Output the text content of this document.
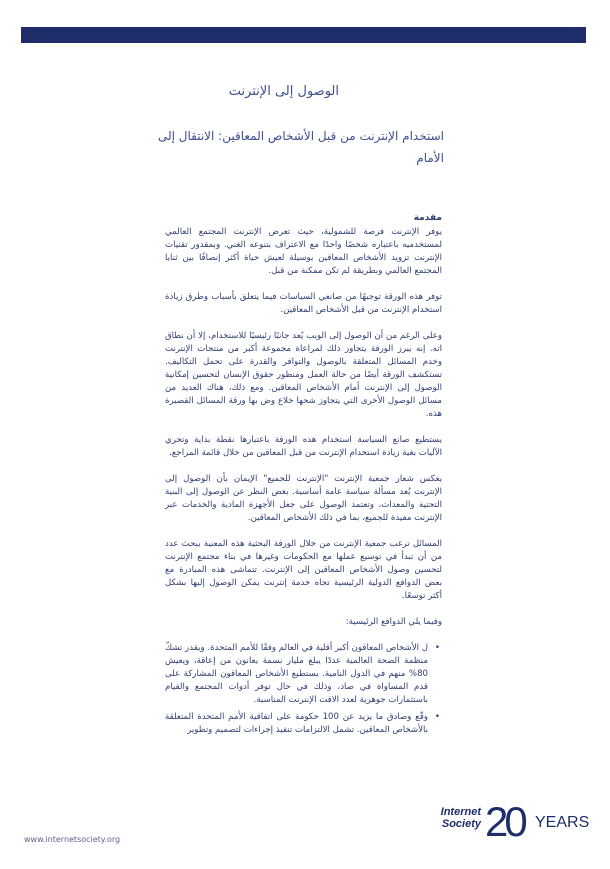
الوصول إلى الإنترنت
استخدام الإنترنت من قبل الأشخاص المعاقين: الانتقال إلى الأمام
مقدمة

يوفر الإنترنت فرصة للشمولية، حيث تعرض الإنترنت المجتمع العالمي لمستخدميه باعتباره شخصًا واحدًا مع الاعتراف بتنوعه الغني. وبمقدور تقنيات الإنترنت تزويد الأشخاص المعاقين بوسيلة لعيش حياة أكثر إنصافًا بين ثنايا المجتمع العالمي وبطريقة لم تكن ممكنة من قبل.

توفر هذه الورقة توجيهًا من صانعي السياسات فيما يتعلق بأسباب وطرق زيادة استخدام الإنترنت من قبل الأشخاص المعاقين.

وعلى الرغم من أن الوصول إلى الويب يُعد جانبًا رئيسيًا للاستخدام، إلا أن نطاق اته. إنه يبرز الورقة يتجاوز ذلك لمراعاة مجموعة أكبر من منتجات الإنترنت وخدم المسائل المتعلقة بالوصول والتوافر والقدرة على تحمل التكاليف. تستكشف الورقة أيضًا من حالة العمل ومنظور حقوق الإنسان لتحسين إمكانية الوصول إلى الإنترنت أمام الأشخاص المعاقين. ومع ذلك، هناك العديد من مسائل الوصول الأخرى التي يتجاوز شحها خلاع وض بها ورقة المسائل القصيرة هذه.

يستطيع صانع السياسة استخدام هذه الورقة باعتبارها نقطة بداية وتحري الآليات بغية زيادة استخدام الإنترنت من قبل المعاقين من خلال قائمة المراجع.

يعكس شعار جمعية الإنترنت "الإنترنت للجميع" الإيمان بأن الوصول إلى الإنترنت يُعد مسألة سياسة عامة أساسية. بغض النظر عن الوصول إلى البنية التحتية والمعدات، وتعتمد الوصول على جعل الأجهزة المادية والخدمات عبر الإنترنت مفيدة للجميع، بما في ذلك الأشخاص المعاقين.

المسائل ترغب جمعية الإنترنت من خلال الورقة البحثية هذه المعنية ببحث عدد من أن تبدأ في توسيع عملها مع الحكومات وغيرها في بناء مجتمع الإنترنت لتحسين وصول الأشخاص المعاقين إلى الإنترنت. تتماشى هذه المبادرة مع بعض الدوافع الدولية الرئيسية تجاه خدمة إنترنت يمكن الوصول إليها بشكل أكثر توسعًا.

وفيما يلي الدوافع الرئيسية:

•
ل الأشخاص المعاقون أكبر أقلية في العالم وفقًا للأمم المتحدة. ويقدر تشكّ منظمة الصحة العالمية عددًا يبلغ مليار نسمة يعانون من إعاقة، ويعيش 80% منهم في الدول النامية. يستطيع الأشخاص المعاقون المشاركة على قدم المساواة في صاد، وذلك في حال توفر أدوات المجتمع والقيام باستثمارات جوهرية لعدد الاقت الإنترنت المناسبة.
•
وقّع وصادق ما يزيد عن 100 حكومة على اتفاقية الأمم المتحدة المتعلقة بالأشخاص المعاقين. تشمل الالتزامات تنفيذ إجراءات لتصميم وتطوير
www.internetsociety.org
Internet
Society 20 YEARS
